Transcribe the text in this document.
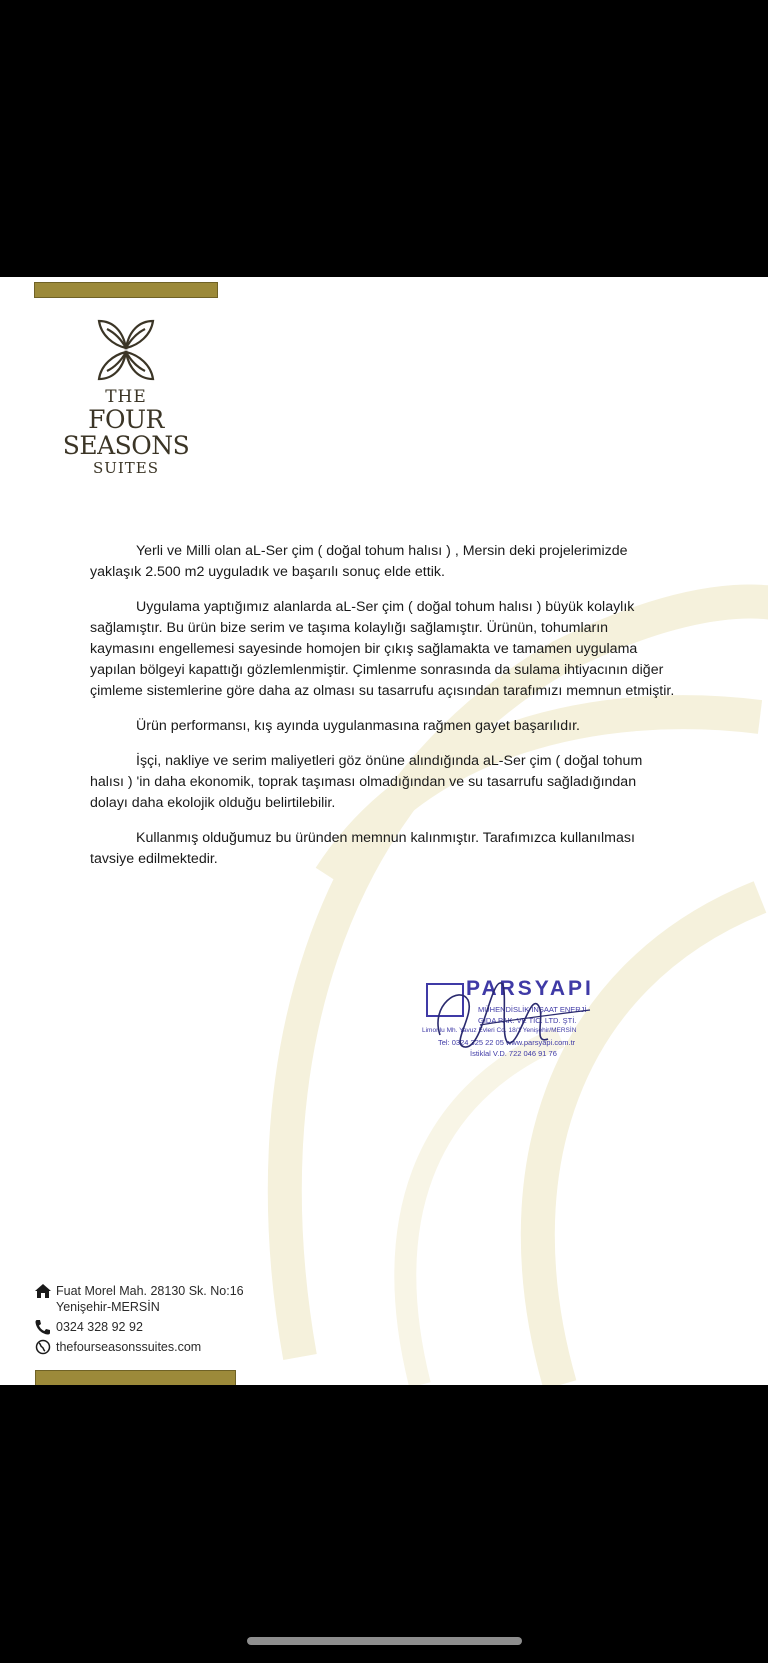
THE
FOUR
SEASONS
SUITES

Yerli ve Milli olan aL-Ser çim ( doğal tohum halısı ) , Mersin deki projelerimizde yaklaşık 2.500 m2 uyguladık ve başarılı sonuç elde ettik.

Uygulama yaptığımız alanlarda aL-Ser çim ( doğal tohum halısı ) büyük kolaylık sağlamıştır. Bu ürün bize serim ve taşıma kolaylığı sağlamıştır. Ürünün, tohumların kaymasını engellemesi sayesinde homojen bir çıkış sağlamakta ve tamamen uygulama yapılan bölgeyi kapattığı gözlemlenmiştir. Çimlenme sonrasında da sulama ihtiyacının diğer çimleme sistemlerine göre daha az olması su tasarrufu açısından tarafımızı memnun etmiştir.

Ürün performansı, kış ayında uygulanmasına rağmen gayet başarılıdır.

İşçi, nakliye ve serim maliyetleri göz önüne alındığında aL-Ser çim ( doğal tohum halısı ) 'in daha ekonomik, toprak taşıması olmadığından ve su tasarrufu sağladığından dolayı daha ekolojik olduğu belirtilebilir.

Kullanmış olduğumuz bu üründen memnun kalınmıştır. Tarafımızca kullanılması tavsiye edilmektedir.

PARSYAPI
MÜHENDİSLİK İNŞAAT ENERJİ
GIDA PAK. VE TİC. LTD. ŞTİ.
Limonlu Mh. Yavuz Evleri Cd. 18/1 Yenişehir/MERSİN
Tel: 0324 325 22 05 www.parsyapi.com.tr
İstiklal V.D. 722 046 91 76
Fuat Morel Mah. 28130 Sk. No:16
Yenişehir-MERSİN
0324 328 92 92
thefourseasonssuites.com
